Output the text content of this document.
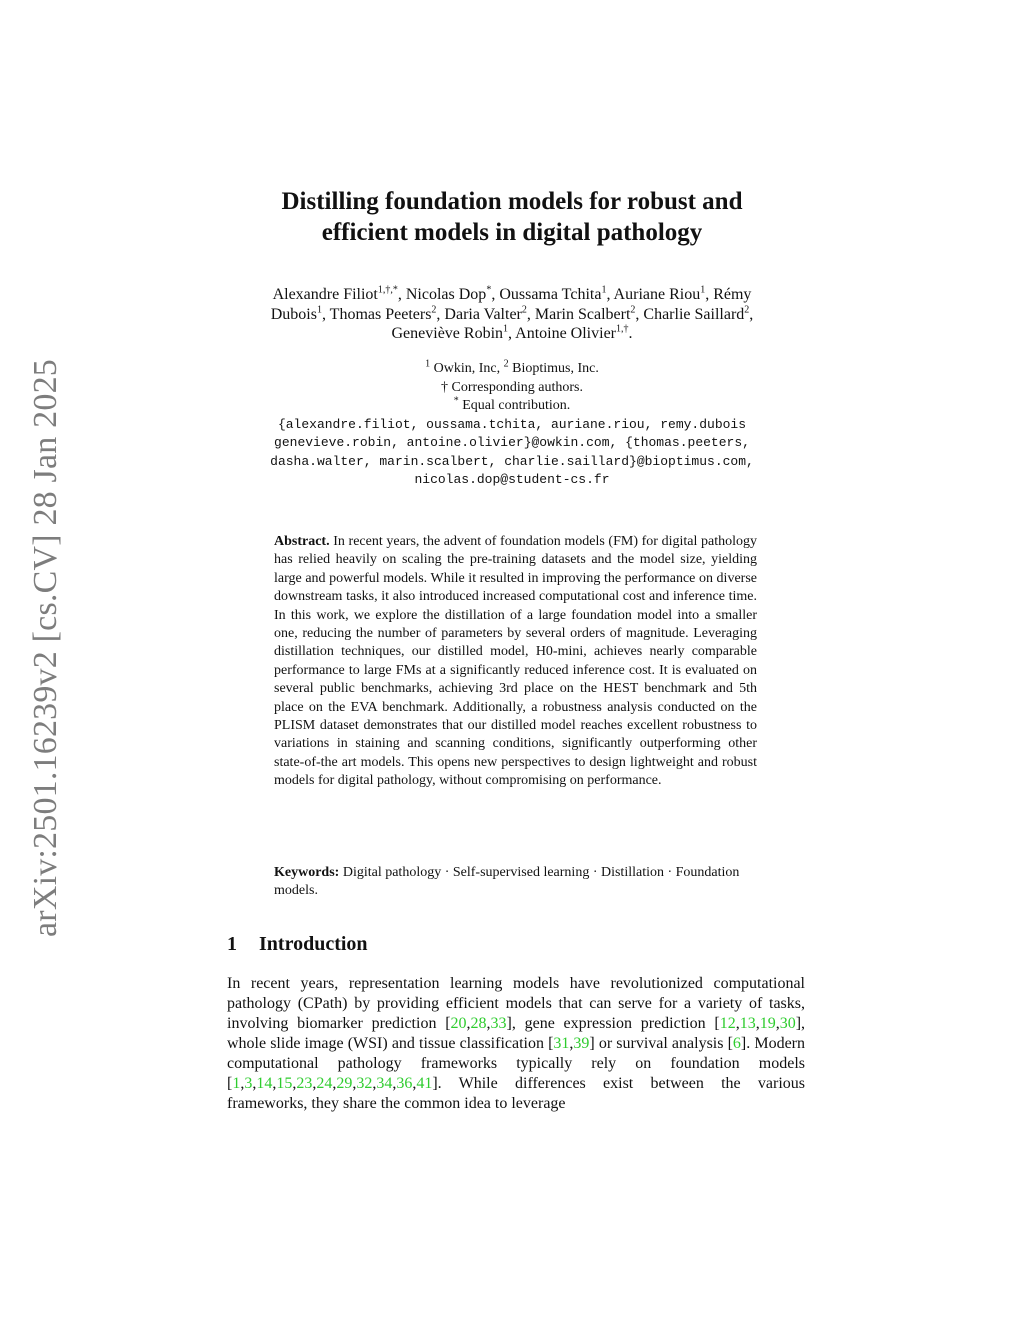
arXiv:2501.16239v2 [cs.CV] 28 Jan 2025
Distilling foundation models for robust and
efficient models in digital pathology
Alexandre Filiot$^{1,\dagger,*}$, Nicolas Dop*, Oussama Tchita$^1$, Auriane Riou$^1$, Rémy
Dubois$^1$, Thomas Peeters$^2$, Daria Valter$^2$, Marin Scalbert$^2$, Charlie Saillard$^2$,
Geneviève Robin$^1$, Antoine Olivier$^{1,\dagger}$.
$^1$ Owkin, Inc, $^2$ Bioptimus, Inc.
† Corresponding authors.
* Equal contribution.
{alexandre.filiot, oussama.tchita, auriane.riou, remy.dubois
genevieve.robin, antoine.olivier}@owkin.com, {thomas.peeters,
dasha.walter, marin.scalbert, charlie.saillard}@bioptimus.com,
nicolas.dop@student-cs.fr
Abstract. In recent years, the advent of foundation models (FM) for digital pathology has relied heavily on scaling the pre-training datasets and the model size, yielding large and powerful models. While it resulted in improving the performance on diverse downstream tasks, it also introduced increased computational cost and inference time. In this work, we explore the distillation of a large foundation model into a smaller one, reducing the number of parameters by several orders of magnitude. Leveraging distillation techniques, our distilled model, H0-mini, achieves nearly comparable performance to large FMs at a significantly reduced inference cost. It is evaluated on several public benchmarks, achieving 3rd place on the HEST benchmark and 5th place on the EVA benchmark. Additionally, a robustness analysis conducted on the PLISM dataset demonstrates that our distilled model reaches excellent robustness to variations in staining and scanning conditions, significantly outperforming other state-of-the art models. This opens new perspectives to design lightweight and robust models for digital pathology, without compromising on performance.
Keywords: Digital pathology · Self-supervised learning · Distillation · Foundation models.
1 Introduction
In recent years, representation learning models have revolutionized computational pathology (CPath) by providing efficient models that can serve for a variety of tasks, involving biomarker prediction [20,28,33], gene expression prediction [12,13,19,30], whole slide image (WSI) and tissue classification [31,39] or survival analysis [6]. Modern computational pathology frameworks typically rely on foundation models [1,3,14,15,23,24,29,32,34,36,41]. While differences exist between the various frameworks, they share the common idea to leverage
